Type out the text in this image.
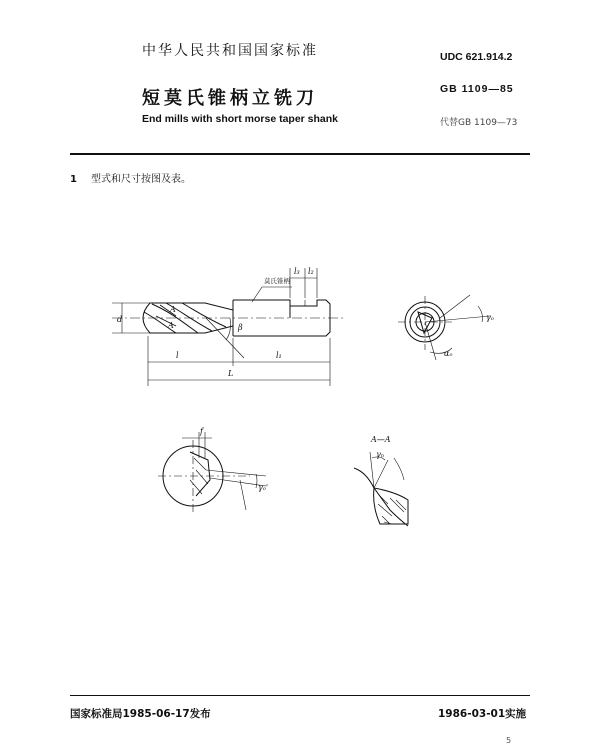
中华人民共和国国家标准
短莫氏锥柄立铣刀
End mills with short morse taper shank
UDC 621.914.2
GB 1109—85
代替GB 1109—73
1 型式和尺寸按图及表。
莫氏锥柄
l₃ l₂
d
A
A	β
l	l₁
L
γₒ
αₒ
f
γₒ'
A—A
γₙ
国家标准局1985-06-17发布	1986-03-01实施
5
